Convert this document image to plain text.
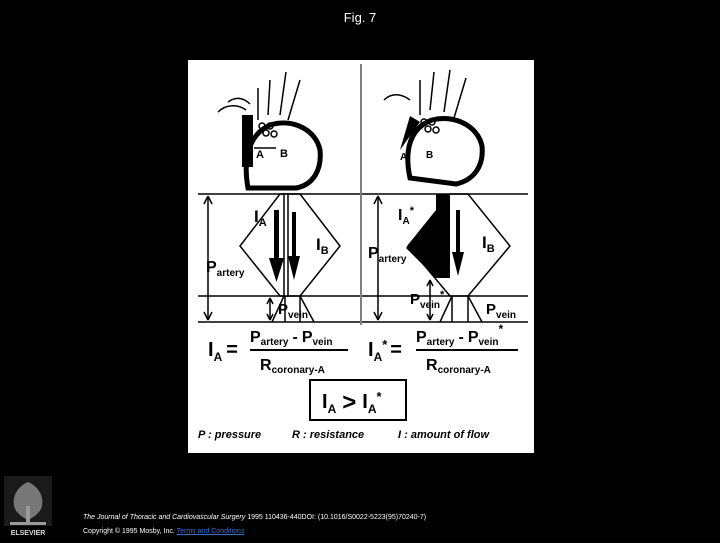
Fig. 7
A B	A B
$I_A$
$I_B$
$P_{artery}$
$P_{vein}$
$I_A^*$
$I_B$
$P_{artery}$
$P_{vein}^*$
$P_{vein}$
$I_A$ =
Partery - Pvein
Rcoronary-A
$I_A^*$ =
Partery - Pvein*
Rcoronary-A
$I_A > I_A^*$
P : pressure	R : resistance	I : amount of flow
ELSEVIER
The Journal of Thoracic and Cardiovascular Surgery 1995 110436-440DOI: (10.1016/S0022-5223(95)70240-7)
Copyright © 1995 Mosby, Inc. Terms and Conditions
